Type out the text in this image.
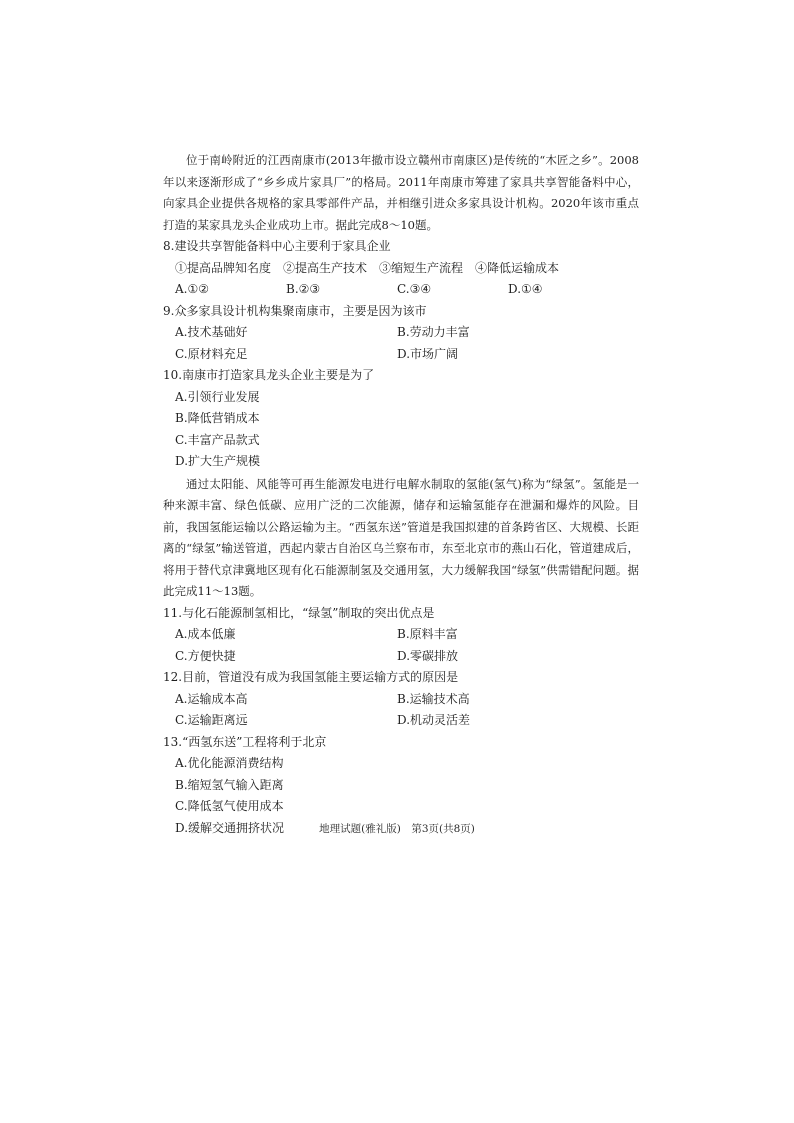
位于南岭附近的江西南康市(2013年撤市设立赣州市南康区)是传统的“木匠之乡”。2008年以来逐渐形成了“乡乡成片家具厂”的格局。2011年南康市筹建了家具共享智能备料中心，向家具企业提供各规格的家具零部件产品，并相继引进众多家具设计机构。2020年该市重点打造的某家具龙头企业成功上市。据此完成8～10题。

8.建设共享智能备料中心主要利于家具企业

①提高品牌知名度　②提高生产技术　③缩短生产流程　④降低运输成本

A.①②	B.②③	C.③④	D.①④

9.众多家具设计机构集聚南康市，主要是因为该市

A.技术基础好	B.劳动力丰富
C.原材料充足	D.市场广阔

10.南康市打造家具龙头企业主要是为了

A.引领行业发展
B.降低营销成本
C.丰富产品款式
D.扩大生产规模

通过太阳能、风能等可再生能源发电进行电解水制取的氢能(氢气)称为“绿氢”。氢能是一种来源丰富、绿色低碳、应用广泛的二次能源，储存和运输氢能存在泄漏和爆炸的风险。目前，我国氢能运输以公路运输为主。“西氢东送”管道是我国拟建的首条跨省区、大规模、长距离的“绿氢”输送管道，西起内蒙古自治区乌兰察布市，东至北京市的燕山石化，管道建成后，将用于替代京津冀地区现有化石能源制氢及交通用氢，大力缓解我国“绿氢”供需错配问题。据此完成11～13题。

11.与化石能源制氢相比，“绿氢”制取的突出优点是

A.成本低廉	B.原料丰富
C.方便快捷	D.零碳排放

12.目前，管道没有成为我国氢能主要运输方式的原因是

A.运输成本高	B.运输技术高
C.运输距离远	D.机动灵活差

13.“西氢东送”工程将利于北京

A.优化能源消费结构
B.缩短氢气输入距离
C.降低氢气使用成本
D.缓解交通拥挤状况	地理试题(雅礼版)　第3页(共8页)
